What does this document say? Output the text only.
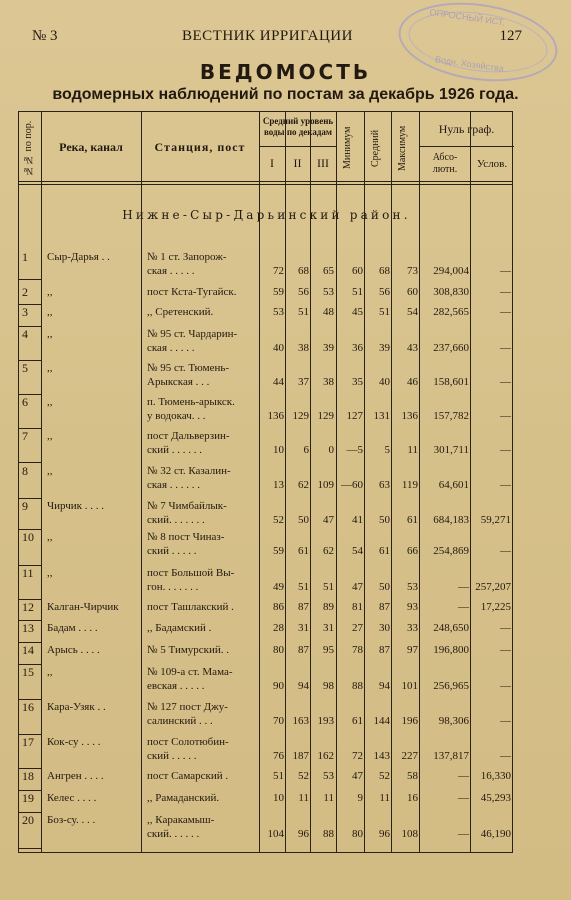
№ 3	ВЕСТНИК ИРРИГАЦИИ	127
ОПРОСНЫЙ ИСТ.
Водн. Хозяйства
ВЕДОМОСТЬ
водомерных наблюдений по постам за декабрь 1926 года.
№№ по пор.	Река, канал	Станция, пост
Средний уровень воды по декадам
I	II	III	Минимум	Средний	Максимум	Нуль граф.
Абсо-лютн.	Услов.
Нижне-Сыр-Дарьинский район.
1	Сыр-Дарья . .	№ 1 ст. Запорож-
ская . . . . .	72	68	65	60	68	73	294,004	—
2	,,	пост Кста-Тугайск.	59	56	53	51	56	60	308,830	—
3	,,	,, Сретенский.	53	51	48	45	51	54	282,565	—
4	,,	№ 95 ст. Чардарин-
ская . . . . .	40	38	39	36	39	43	237,660	—
5	,,	№ 95 ст. Тюмень-
Арыкская . . .	44	37	38	35	40	46	158,601	—
6	,,	п. Тюмень-арыкск.
у водокач. . .	136 129 129	127 131	136	157,782	—
7	,,	пост Дальверзин-
ский . . . . . .	10	6	0	—5	5	11	301,711	—
8	,,	№ 32 ст. Казалин-
ская . . . . . .	13	62 109 —60	63	119	64,601	—
9	Чирчик . . . .	№ 7 Чимбайлык-
ский. . . . . . .	52	50	47	41	50	61	684,183	59,271
10	,,	№ 8 пост Чиназ-
ский . . . . .	59	61	62	54	61	66	254,869	—
11	,,	пост Большой Вы-
гон. . . . . . .	49	51	51	47	50	53	— 257,207
12	Калган-Чирчик	пост Ташлакский .	86	87	89	81	87	93	—	17,225
13	Бадам . . . .	,, Бадамский .	28	31	31	27	30	33	248,650	—
14	Арысь . . . .	№ 5 Тимурский. .	80	87	95	78	87	97	196,800	—
15	,,	№ 109-а ст. Мама-
евская . . . . .	90	94	98	88	94	101	256,965	—
16	Кара-Узяк . .	№ 127 пост Джу-
салинский . . .	70 163 193	61 144	196	98,306	—
17	Кок-су . . . .	пост Солотюбин-
ский . . . . .	76 187 162	72 143	227	137,817	—
18	Ангрен . . . .	пост Самарский .	51	52	53	47	52	58	—	16,330
19	Келес . . . .	,, Рамаданский.	10	11	11	9	11	16	—	45,293
20	Боз-су. . . .	,, Каракамыш-
ский. . . . . .	104	96	88	80	96	108	—	46,190
